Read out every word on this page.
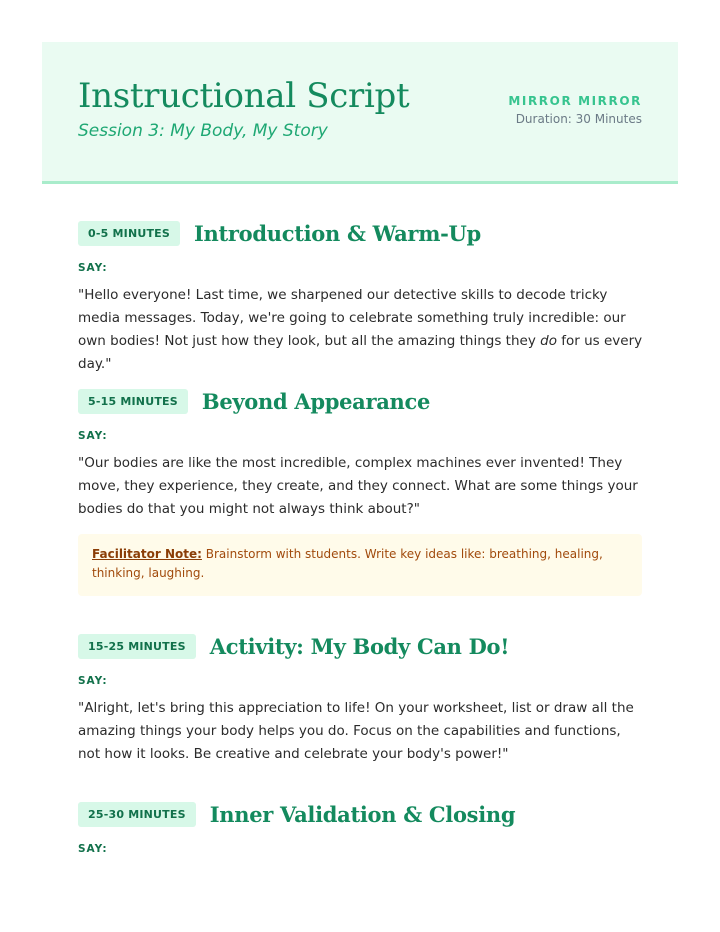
Instructional Script
Session 3: My Body, My Story
MIRROR MIRROR
Duration: 30 Minutes
0-5 MINUTES	Introduction & Warm-Up
SAY:

"Hello everyone! Last time, we sharpened our detective skills to decode tricky media messages. Today, we're going to celebrate something truly incredible: our own bodies! Not just how they look, but all the amazing things they do for us every day."

5-15 MINUTES	Beyond Appearance
SAY:

"Our bodies are like the most incredible, complex machines ever invented! They move, they experience, they create, and they connect. What are some things your bodies do that you might not always think about?"

Facilitator Note: Brainstorm with students. Write key ideas like: breathing, healing, thinking, laughing.
15-25 MINUTES	Activity: My Body Can Do!
SAY:

"Alright, let's bring this appreciation to life! On your worksheet, list or draw all the amazing things your body helps you do. Focus on the capabilities and functions, not how it looks. Be creative and celebrate your body's power!"

25-30 MINUTES	Inner Validation & Closing
SAY:
